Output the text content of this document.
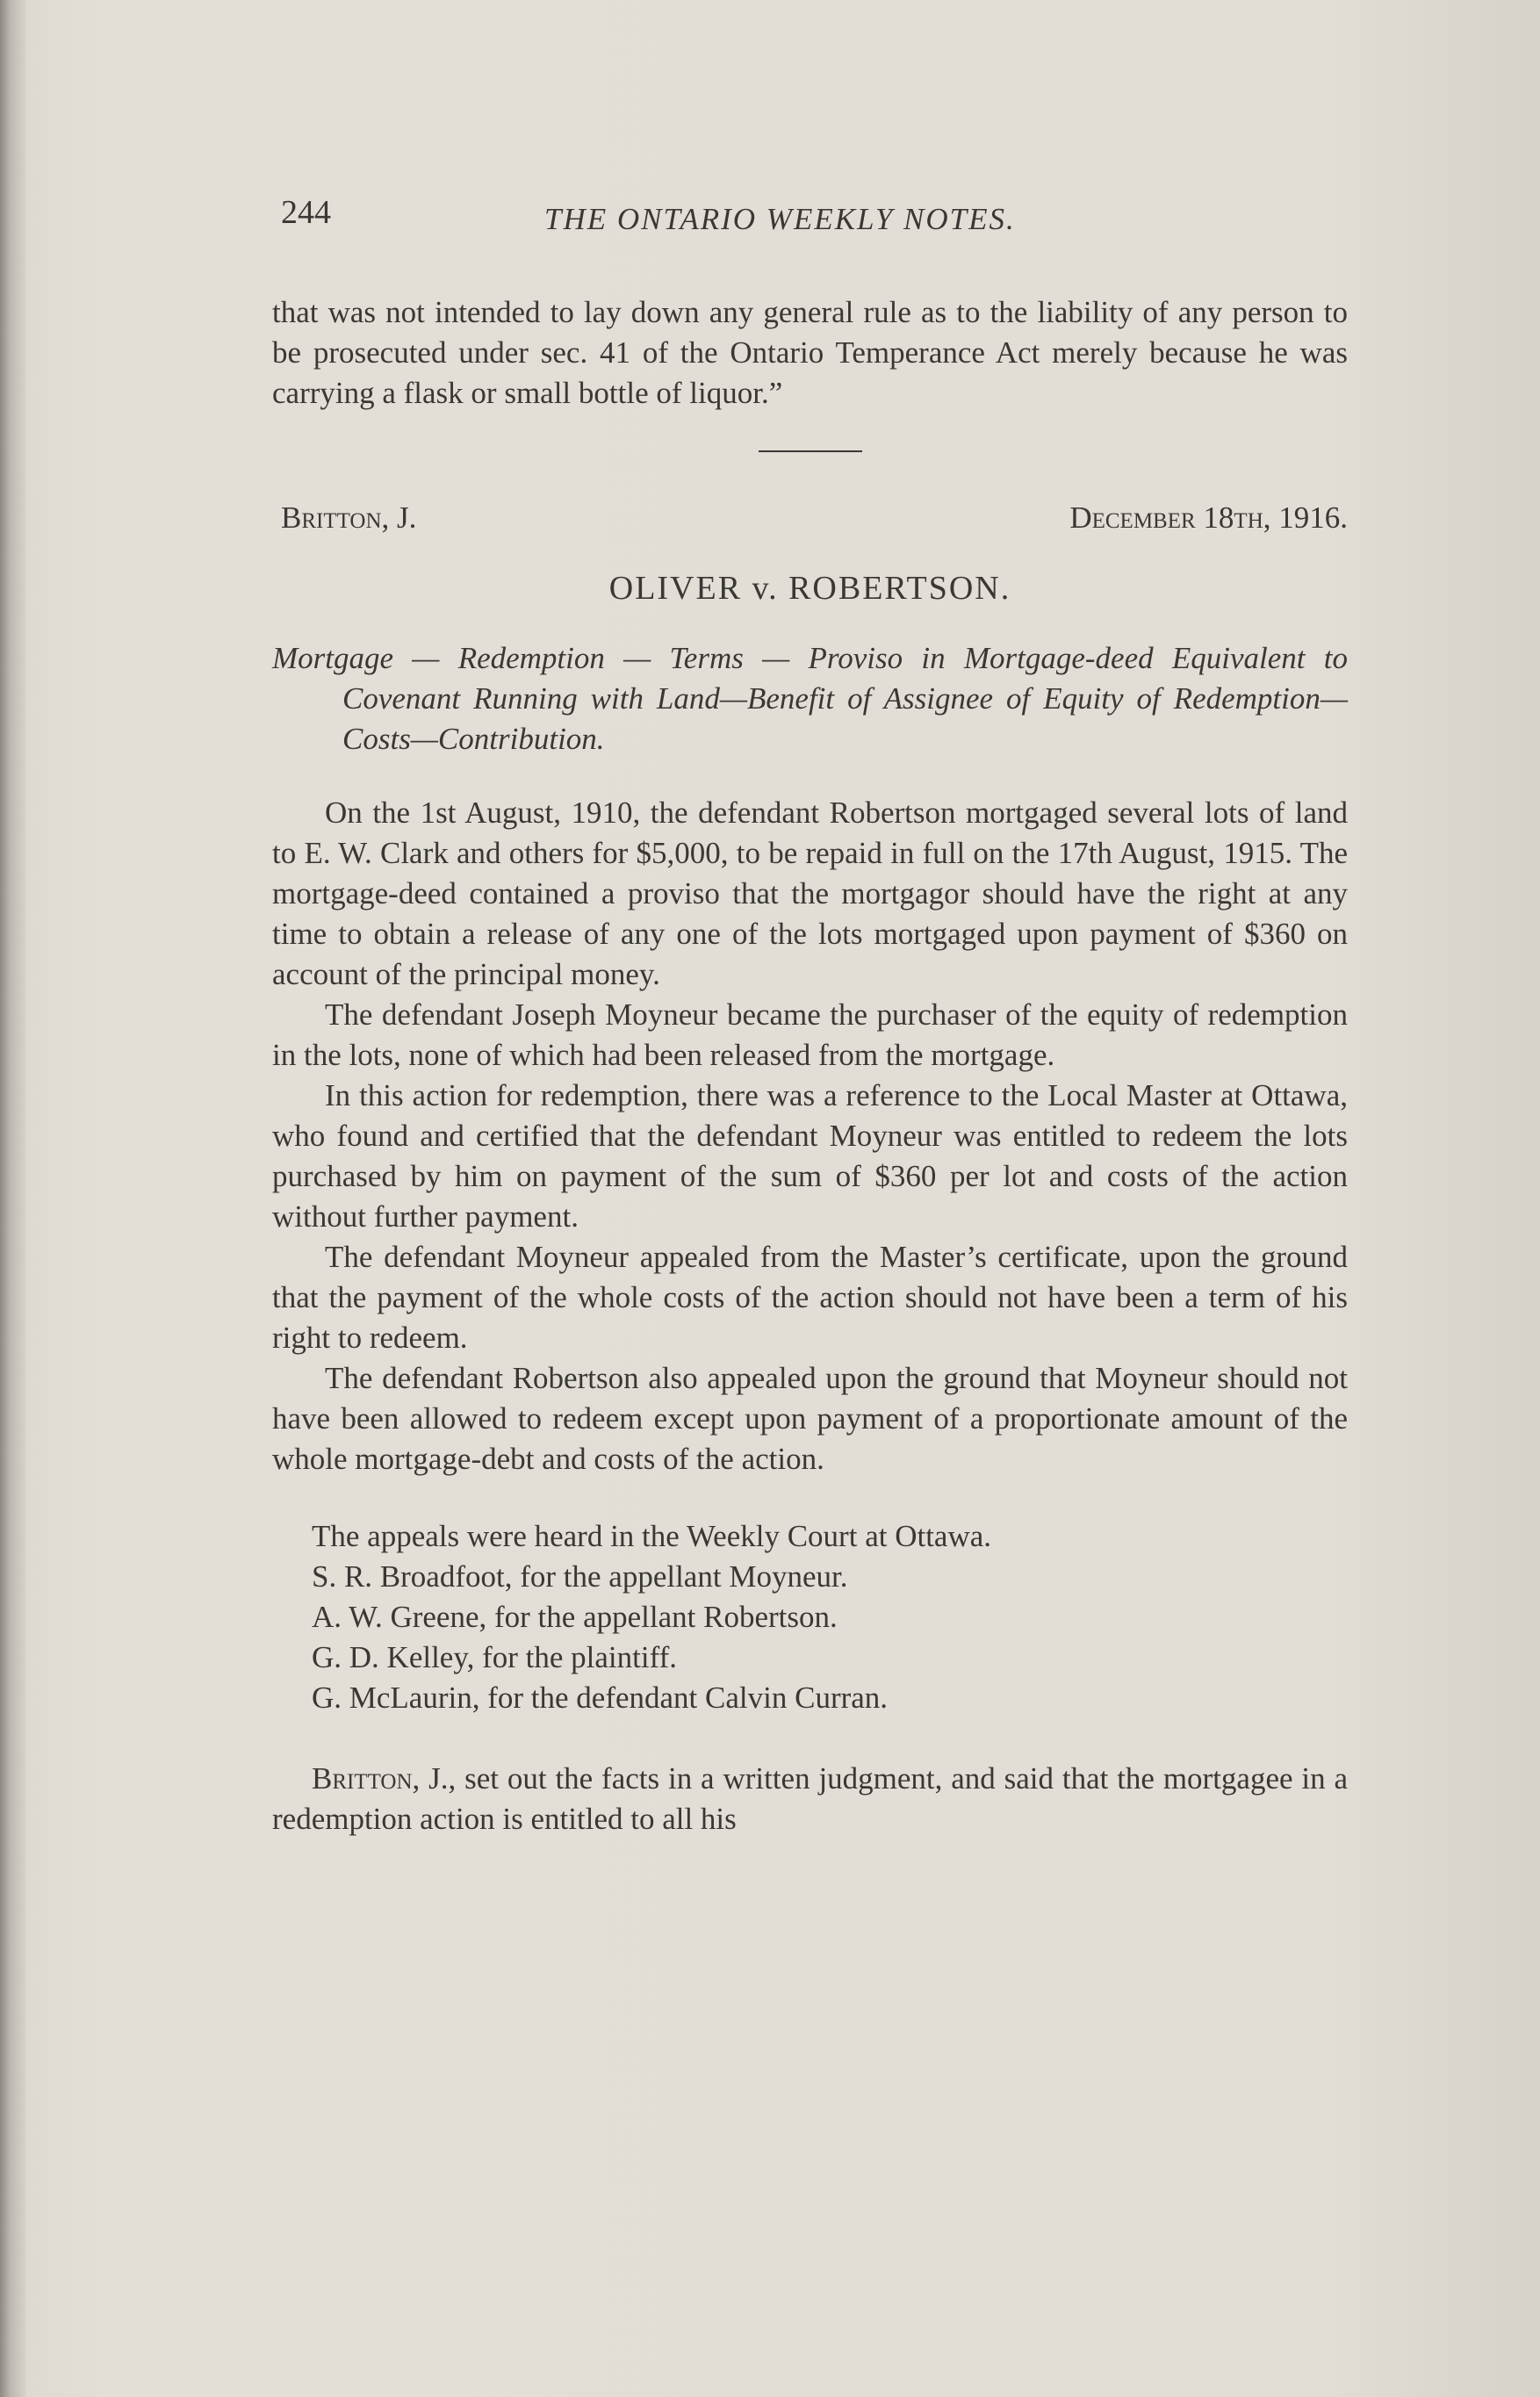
244	THE ONTARIO WEEKLY NOTES.

that was not intended to lay down any general rule as to the liability of any person to be prosecuted under sec. 41 of the Ontario Temperance Act merely because he was carrying a flask or small bottle of liquor.”

Britton, J.	December 18th, 1916.
OLIVER v. ROBERTSON.

Mortgage — Redemption — Terms — Proviso in Mortgage-deed Equivalent to Covenant Running with Land—Benefit of Assignee of Equity of Redemption—Costs—Contribution.

On the 1st August, 1910, the defendant Robertson mortgaged several lots of land to E. W. Clark and others for $5,000, to be repaid in full on the 17th August, 1915. The mortgage-deed contained a proviso that the mortgagor should have the right at any time to obtain a release of any one of the lots mortgaged upon payment of $360 on account of the principal money.

The defendant Joseph Moyneur became the purchaser of the equity of redemption in the lots, none of which had been released from the mortgage.

In this action for redemption, there was a reference to the Local Master at Ottawa, who found and certified that the defendant Moyneur was entitled to redeem the lots purchased by him on payment of the sum of $360 per lot and costs of the action without further payment.

The defendant Moyneur appealed from the Master’s certificate, upon the ground that the payment of the whole costs of the action should not have been a term of his right to redeem.

The defendant Robertson also appealed upon the ground that Moyneur should not have been allowed to redeem except upon payment of a proportionate amount of the whole mortgage-debt and costs of the action.

The appeals were heard in the Weekly Court at Ottawa.

S. R. Broadfoot, for the appellant Moyneur.

A. W. Greene, for the appellant Robertson.

G. D. Kelley, for the plaintiff.

G. McLaurin, for the defendant Calvin Curran.

Britton, J., set out the facts in a written judgment, and said that the mortgagee in a redemption action is entitled to all his
